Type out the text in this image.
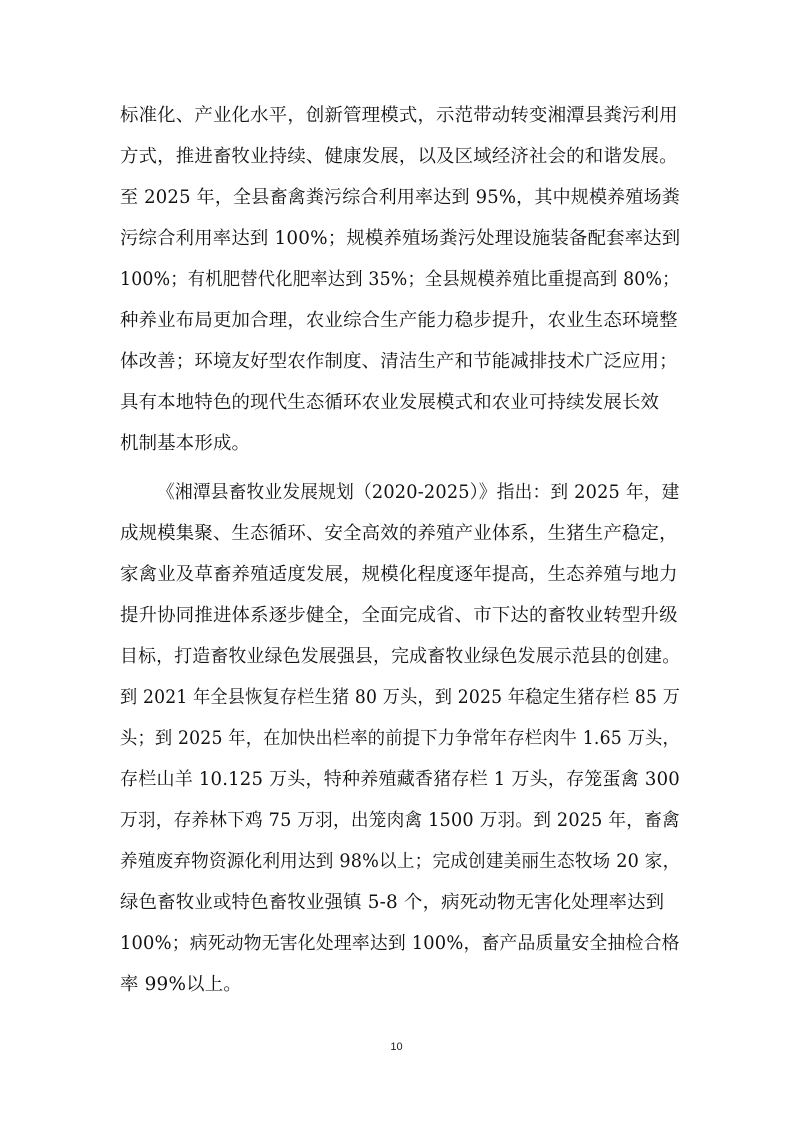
标准化、产业化水平，创新管理模式，示范带动转变湘潭县粪污利用
方式，推进畜牧业持续、健康发展，以及区域经济社会的和谐发展。
至 2025 年，全县畜禽粪污综合利用率达到 95%，其中规模养殖场粪
污综合利用率达到 100%；规模养殖场粪污处理设施装备配套率达到
100%；有机肥替代化肥率达到 35%；全县规模养殖比重提高到 80%；
种养业布局更加合理，农业综合生产能力稳步提升，农业生态环境整
体改善；环境友好型农作制度、清洁生产和节能减排技术广泛应用；
具有本地特色的现代生态循环农业发展模式和农业可持续发展长效
机制基本形成。
《湘潭县畜牧业发展规划（2020-2025）》指出：到 2025 年，建
成规模集聚、生态循环、安全高效的养殖产业体系，生猪生产稳定，
家禽业及草畜养殖适度发展，规模化程度逐年提高，生态养殖与地力
提升协同推进体系逐步健全，全面完成省、市下达的畜牧业转型升级
目标，打造畜牧业绿色发展强县，完成畜牧业绿色发展示范县的创建。
到 2021 年全县恢复存栏生猪 80 万头，到 2025 年稳定生猪存栏 85 万
头；到 2025 年，在加快出栏率的前提下力争常年存栏肉牛 1.65 万头，
存栏山羊 10.125 万头，特种养殖藏香猪存栏 1 万头，存笼蛋禽 300
万羽，存养林下鸡 75 万羽，出笼肉禽 1500 万羽。到 2025 年，畜禽
养殖废弃物资源化利用达到 98%以上；完成创建美丽生态牧场 20 家，
绿色畜牧业或特色畜牧业强镇 5-8 个，病死动物无害化处理率达到
100%；病死动物无害化处理率达到 100%，畜产品质量安全抽检合格
率 99%以上。
10
